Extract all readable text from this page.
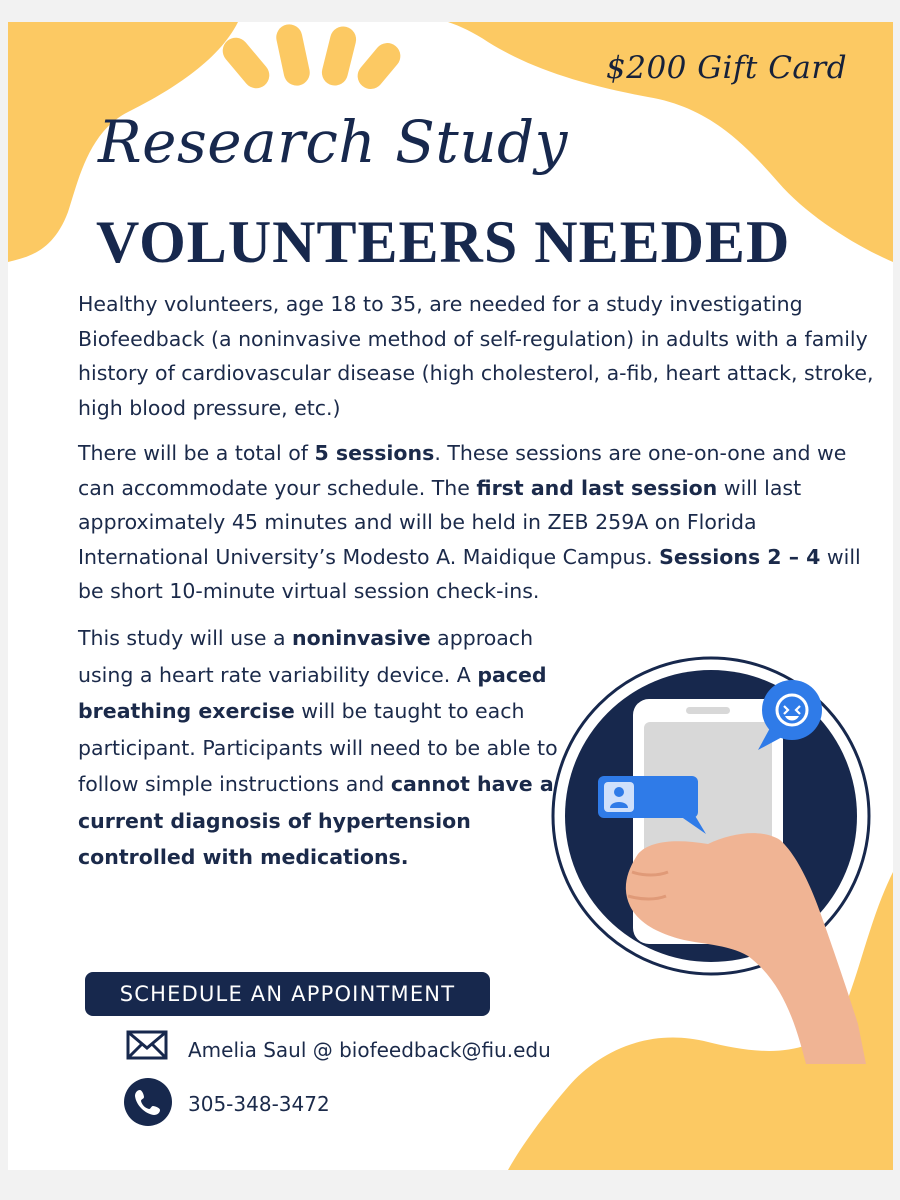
$200 Gift Card
Research Study
VOLUNTEERS NEEDED

Healthy volunteers, age 18 to 35, are needed for a study investigating Biofeedback (a noninvasive method of self-regulation) in adults with a family history of cardiovascular disease (high cholesterol, a-fib, heart attack, stroke, high blood pressure, etc.)

There will be a total of 5 sessions. These sessions are one-on-one and we can accommodate your schedule. The first and last session will last approximately 45 minutes and will be held in ZEB 259A on Florida International University’s Modesto A. Maidique Campus. Sessions 2 – 4 will be short 10-minute virtual session check-ins.

This study will use a noninvasive approach using a heart rate variability device. A paced breathing exercise will be taught to each participant. Participants will need to be able to follow simple instructions and cannot have a current diagnosis of hypertension controlled with medications.

SCHEDULE AN APPOINTMENT
Amelia Saul @ biofeedback@fiu.edu
305-348-3472
